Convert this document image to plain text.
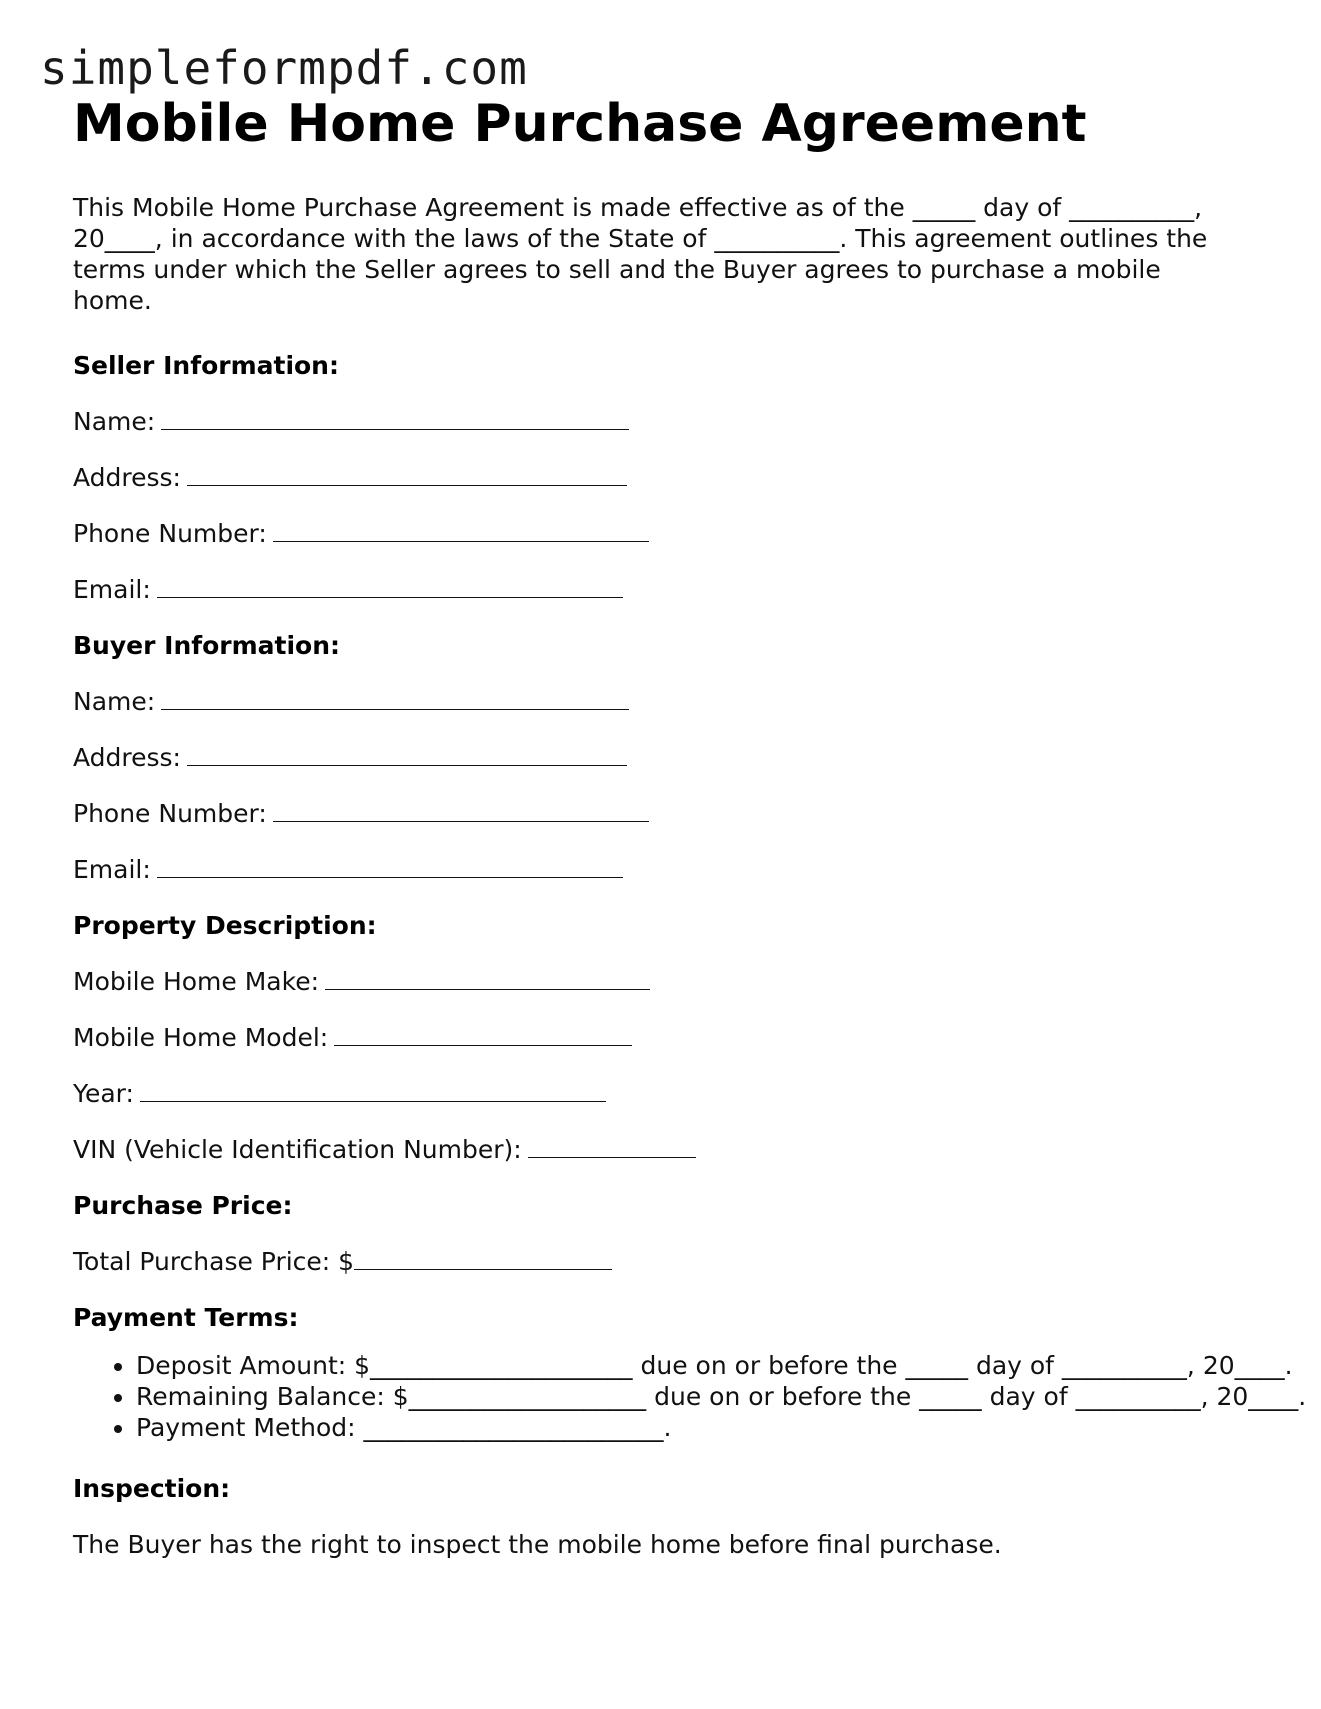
simpleformpdf.com
Mobile Home Purchase Agreement

This Mobile Home Purchase Agreement is made effective as of the _____ day of __________, 20____, in accordance with the laws of the State of __________. This agreement outlines the terms under which the Seller agrees to sell and the Buyer agrees to purchase a mobile home.

Seller Information:
Name:
Address:
Phone Number:
Email:
Buyer Information:
Name:
Address:
Phone Number:
Email:
Property Description:
Mobile Home Make:
Mobile Home Model:
Year:
VIN (Vehicle Identification Number):
Purchase Price:
Total Purchase Price: $
Payment Terms:
• Deposit Amount: $_____________________ due on or before the _____ day of __________, 20____.
• Remaining Balance: $___________________ due on or before the _____ day of __________, 20____.
• Payment Method: ________________________.
Inspection:

The Buyer has the right to inspect the mobile home before final purchase.
